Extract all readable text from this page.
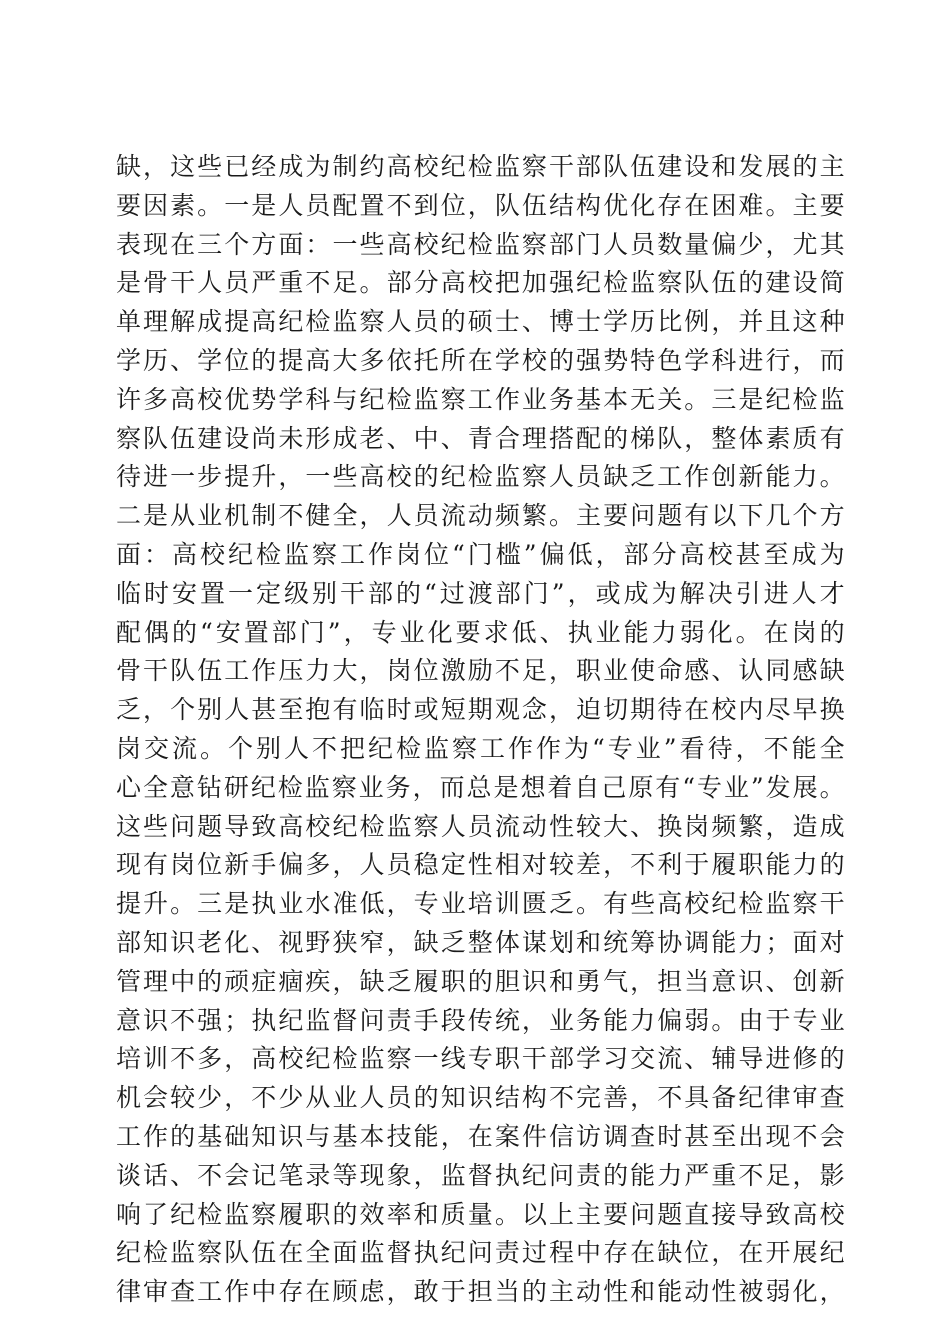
缺，这些已经成为制约高校纪检监察干部队伍建设和发展的主
要因素。一是人员配置不到位，队伍结构优化存在困难。主要
表现在三个方面：一些高校纪检监察部门人员数量偏少，尤其
是骨干人员严重不足。部分高校把加强纪检监察队伍的建设简
单理解成提高纪检监察人员的硕士、博士学历比例，并且这种
学历、学位的提高大多依托所在学校的强势特色学科进行，而
许多高校优势学科与纪检监察工作业务基本无关。三是纪检监
察队伍建设尚未形成老、中、青合理搭配的梯队，整体素质有
待进一步提升，一些高校的纪检监察人员缺乏工作创新能力。
二是从业机制不健全，人员流动频繁。主要问题有以下几个方
面：高校纪检监察工作岗位“门槛”偏低，部分高校甚至成为
临时安置一定级别干部的“过渡部门”，或成为解决引进人才
配偶的“安置部门”，专业化要求低、执业能力弱化。在岗的
骨干队伍工作压力大，岗位激励不足，职业使命感、认同感缺
乏，个别人甚至抱有临时或短期观念，迫切期待在校内尽早换
岗交流。个别人不把纪检监察工作作为“专业”看待，不能全
心全意钻研纪检监察业务，而总是想着自己原有“专业”发展。
这些问题导致高校纪检监察人员流动性较大、换岗频繁，造成
现有岗位新手偏多，人员稳定性相对较差，不利于履职能力的
提升。三是执业水准低，专业培训匮乏。有些高校纪检监察干
部知识老化、视野狭窄，缺乏整体谋划和统筹协调能力；面对
管理中的顽症痼疾，缺乏履职的胆识和勇气，担当意识、创新
意识不强；执纪监督问责手段传统，业务能力偏弱。由于专业
培训不多，高校纪检监察一线专职干部学习交流、辅导进修的
机会较少，不少从业人员的知识结构不完善，不具备纪律审查
工作的基础知识与基本技能，在案件信访调查时甚至出现不会
谈话、不会记笔录等现象，监督执纪问责的能力严重不足，影
响了纪检监察履职的效率和质量。以上主要问题直接导致高校
纪检监察队伍在全面监督执纪问责过程中存在缺位，在开展纪
律审查工作中存在顾虑，敢于担当的主动性和能动性被弱化，
